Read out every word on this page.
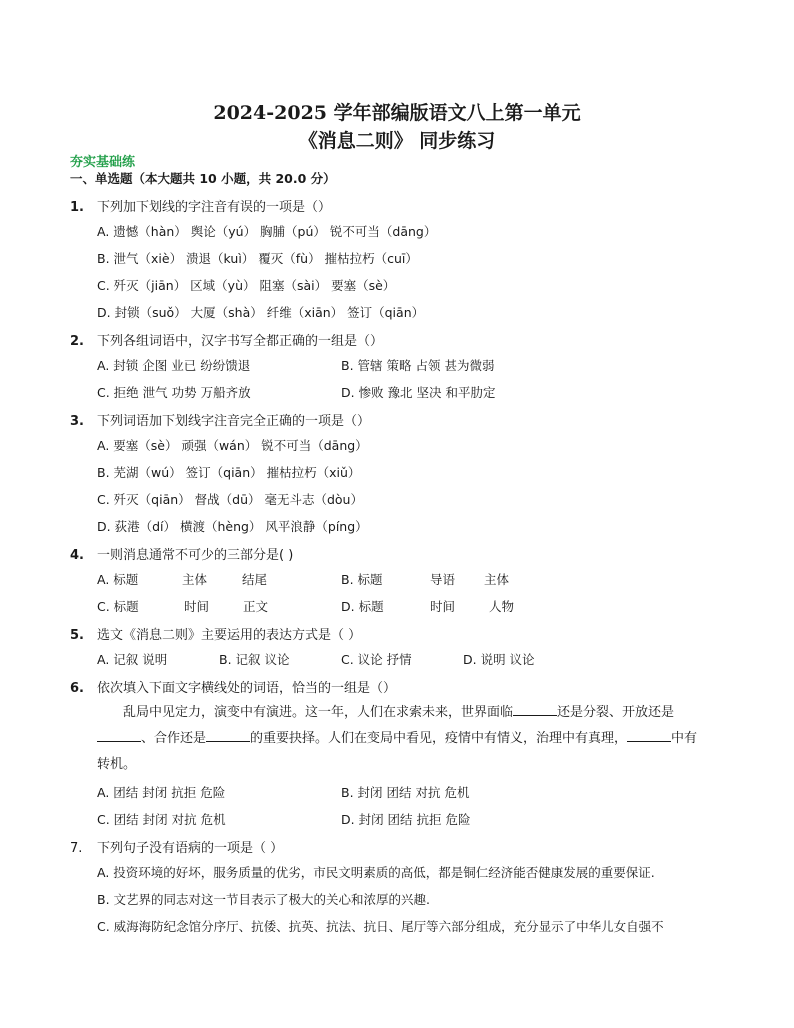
2024-2025 学年部编版语文八上第一单元
《消息二则》 同步练习
夯实基础练
一、单选题（本大题共 10 小题，共 20.0 分）
1. 下列加下划线的字注音有误的一项是（）
A. 遗憾（hàn） 舆论（yú） 胸脯（pú） 锐不可当（dāng）
B. 泄气（xiè） 溃退（kuì） 覆灭（fù） 摧枯拉朽（cuī）
C. 歼灭（jiān） 区域（yù） 阻塞（sài） 要塞（sè）
D. 封锁（suǒ） 大厦（shà） 纤维（xiān） 签订（qiān）
2. 下列各组词语中，汉字书写全都正确的一组是（）
A. 封锁 企图 业已 纷纷馈退	B. 管辖 策略 占领 甚为微弱
C. 拒绝 泄气 功势 万船齐放	D. 惨败 豫北 坚决 和平肋定
3. 下列词语加下划线字注音完全正确的一项是（）
A. 要塞（sè） 顽强（wán） 锐不可当（dāng）
B. 芜湖（wú） 签订（qiān） 摧枯拉朽（xiǔ）
C. 歼灭（qiān） 督战（dū） 毫无斗志（dòu）
D. 荻港（dí） 横渡（hèng） 风平浪静（píng）
4. 一则消息通常不可少的三部分是( )
A. 标题	主体	结尾	B. 标题	导语 主体
C. 标题	时间	正文	D. 标题	时间	人物
5. 选文《消息二则》主要运用的表达方式是（ ）
A. 记叙 说明	B. 记叙 议论	C. 议论 抒情	D. 说明 议论
6. 依次填入下面文字横线处的词语，恰当的一组是（）
乱局中见定力，演变中有演进。这一年，人们在求索未来，世界面临	还是分裂、开放还是
、合作还是	的重要抉择。人们在变局中看见，疫情中有情义，治理中有真理，	中有
转机。
A. 团结 封闭 抗拒 危险	B. 封闭 团结 对抗 危机
C. 团结 封闭 对抗 危机	D. 封闭 团结 抗拒 危险
7. 下列句子没有语病的一项是（ ）
A. 投资环境的好坏，服务质量的优劣，市民文明素质的高低，都是铜仁经济能否健康发展的重要保证.
B. 文艺界的同志对这一节目表示了极大的关心和浓厚的兴趣.
C. 威海海防纪念馆分序厅、抗倭、抗英、抗法、抗日、尾厅等六部分组成，充分显示了中华儿女自强不
